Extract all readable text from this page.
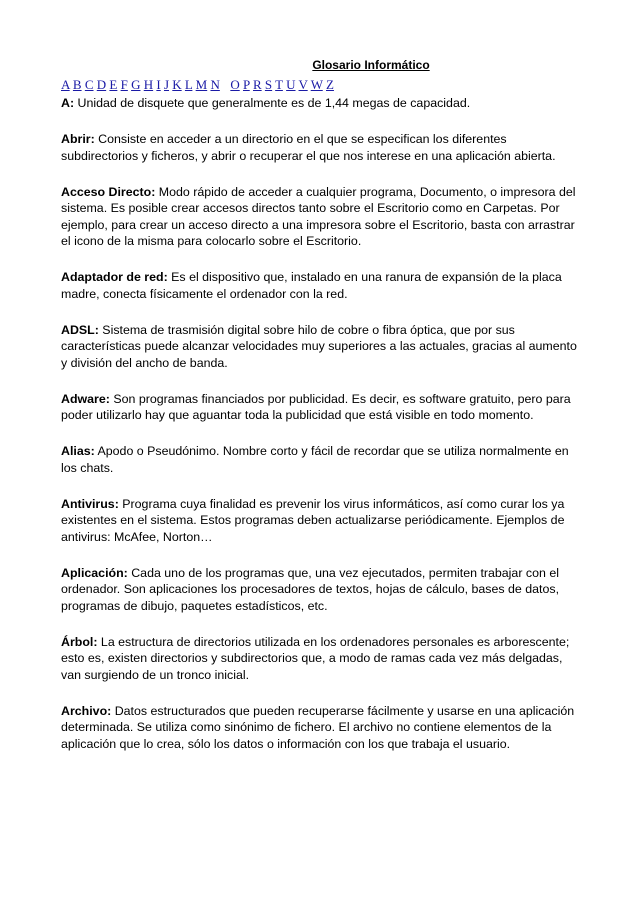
Glosario Informático
A B C D E F G H I J K L M N O P R S T U V W Z
A: Unidad de disquete que generalmente es de 1,44 megas de capacidad.
Abrir: Consiste en acceder a un directorio en el que se especifican los diferentes subdirectorios y ficheros, y abrir o recuperar el que nos interese en una aplicación abierta.
Acceso Directo: Modo rápido de acceder a cualquier programa, Documento, o impresora del sistema. Es posible crear accesos directos tanto sobre el Escritorio como en Carpetas. Por ejemplo, para crear un acceso directo a una impresora sobre el Escritorio, basta con arrastrar el icono de la misma para colocarlo sobre el Escritorio.
Adaptador de red: Es el dispositivo que, instalado en una ranura de expansión de la placa madre, conecta físicamente el ordenador con la red.
ADSL: Sistema de trasmisión digital sobre hilo de cobre o fibra óptica, que por sus características puede alcanzar velocidades muy superiores a las actuales, gracias al aumento y división del ancho de banda.
Adware: Son programas financiados por publicidad. Es decir, es software gratuito, pero para poder utilizarlo hay que aguantar toda la publicidad que está visible en todo momento.
Alias: Apodo o Pseudónimo. Nombre corto y fácil de recordar que se utiliza normalmente en los chats.
Antivirus: Programa cuya finalidad es prevenir los virus informáticos, así como curar los ya existentes en el sistema. Estos programas deben actualizarse periódicamente. Ejemplos de antivirus: McAfee, Norton…
Aplicación: Cada uno de los programas que, una vez ejecutados, permiten trabajar con el ordenador. Son aplicaciones los procesadores de textos, hojas de cálculo, bases de datos, programas de dibujo, paquetes estadísticos, etc.
Árbol: La estructura de directorios utilizada en los ordenadores personales es arborescente; esto es, existen directorios y subdirectorios que, a modo de ramas cada vez más delgadas, van surgiendo de un tronco inicial.
Archivo: Datos estructurados que pueden recuperarse fácilmente y usarse en una aplicación determinada. Se utiliza como sinónimo de fichero. El archivo no contiene elementos de la aplicación que lo crea, sólo los datos o información con los que trabaja el usuario.
